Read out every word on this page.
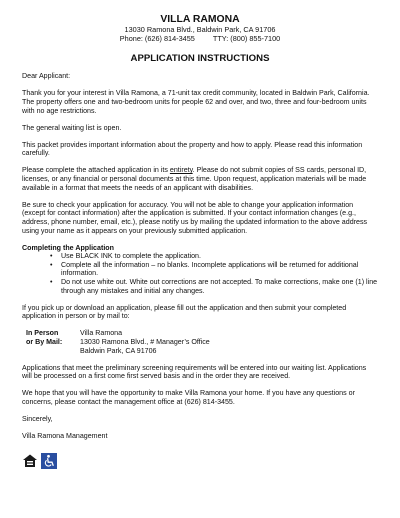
VILLA RAMONA
13030 Ramona Blvd., Baldwin Park, CA 91706
Phone: (626) 814-3455 TTY: (800) 855-7100
APPLICATION INSTRUCTIONS

Dear Applicant:

Thank you for your interest in Villa Ramona, a 71-unit tax credit community, located in Baldwin Park, California. The property offers one and two-bedroom units for people 62 and over, and two, three and four-bedroom units with no age restrictions.

The general waiting list is open.

This packet provides important information about the property and how to apply. Please read this information carefully.

Please complete the attached application in its entirety. Please do not submit copies of SS cards, personal ID, licenses, or any financial or personal documents at this time. Upon request, application materials will be made available in a format that meets the needs of an applicant with disabilities.

Be sure to check your application for accuracy. You will not be able to change your application information (except for contact information) after the application is submitted. If your contact information changes (e.g., address, phone number, email, etc.), please notify us by mailing the updated information to the above address using your name as it appears on your previously submitted application.

Completing the Application
• Use BLACK INK to complete the application.
• Complete all the information – no blanks. Incomplete applications will be returned for additional information.
• Do not use white out. White out corrections are not accepted. To make corrections, make one (1) line through any mistakes and initial any changes.

If you pick up or download an application, please fill out the application and then submit your completed application in person or by mail to:

In Person
or By Mail:
Villa Ramona
13030 Ramona Blvd., # Manager’s Office
Baldwin Park, CA 91706

Applications that meet the preliminary screening requirements will be entered into our waiting list. Applications will be processed on a first come first served basis and in the order they are received.

We hope that you will have the opportunity to make Villa Ramona your home. If you have any questions or concerns, please contact the management office at (626) 814-3455.

Sincerely,

Villa Ramona Management
